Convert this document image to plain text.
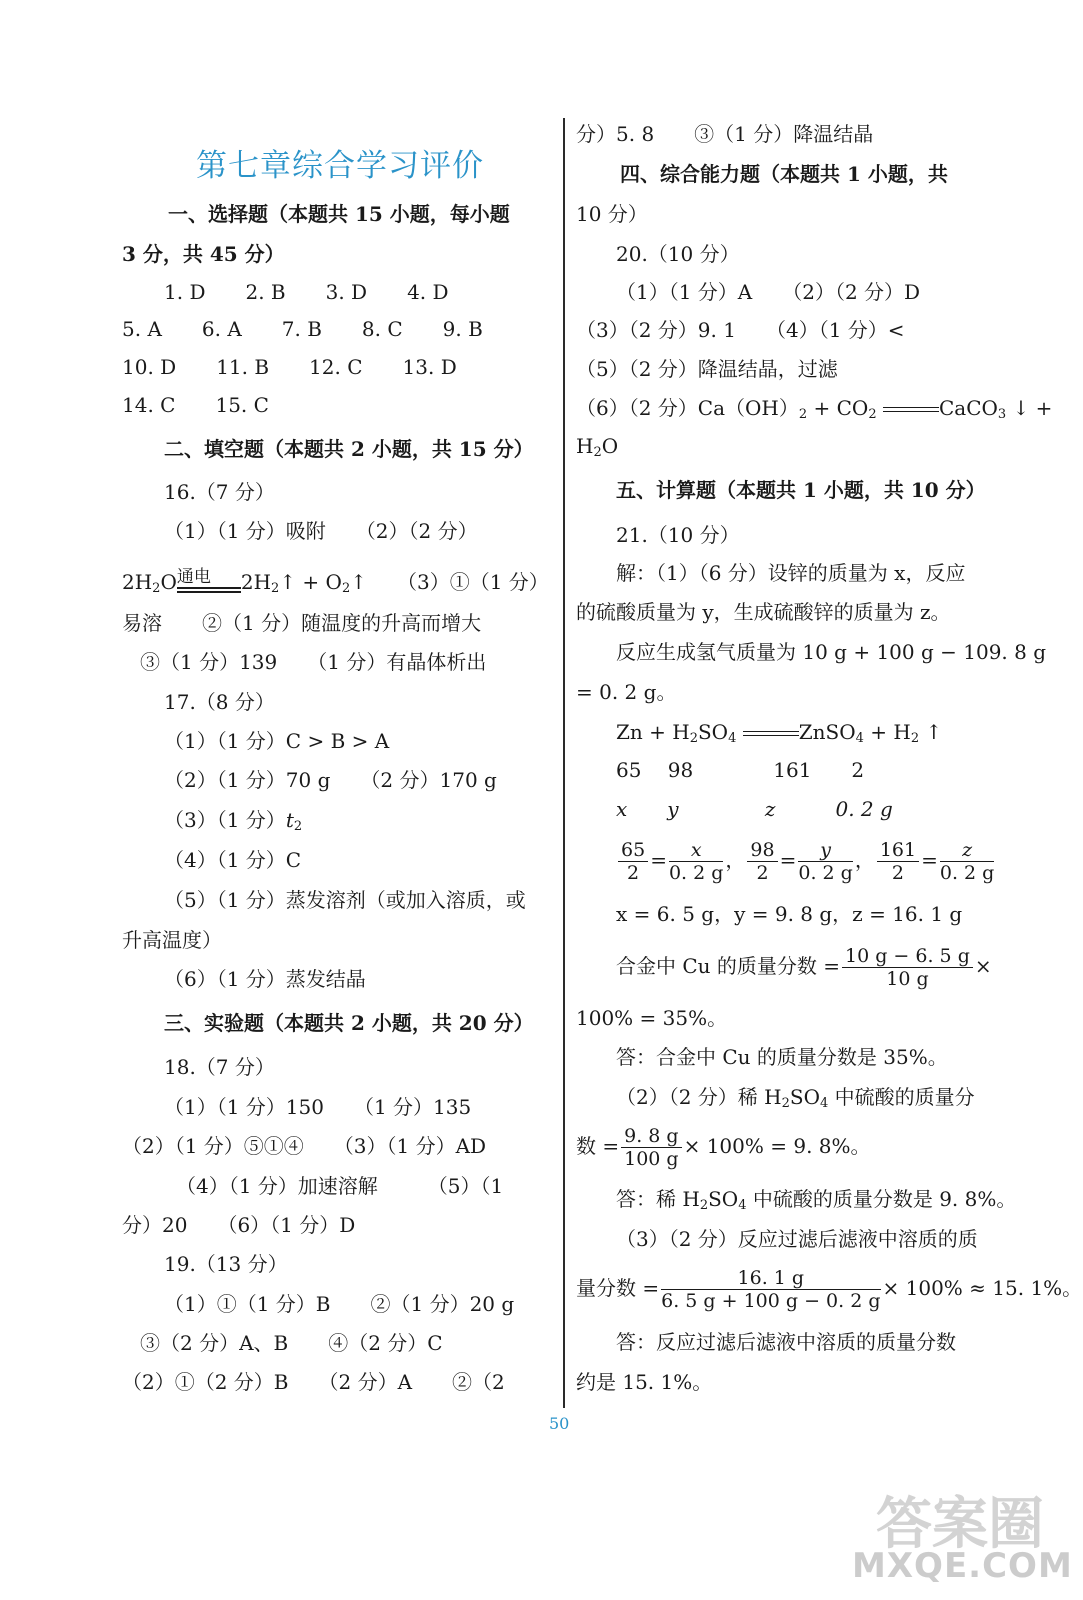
第七章综合学习评价
一、选择题（本题共 15 小题，每小题
3 分，共 45 分）
1. D　　2. B　　3. D　　4. D
5. A　　6. A　　7. B　　8. C　　9. B
10. D　　11. B　　12. C　　13. D
14. C　　15. C
二、填空题（本题共 2 小题，共 15 分）
16.（7 分）
（1）（1 分）吸附　　（2）（2 分）
$2H_2O$ 通电 $2H_2↑$ + $O_2↑$　　（3）①（1 分）
易溶　　②（1 分）随温度的升高而增大
③（1 分）139　　（1 分）有晶体析出
17.（8 分）
（1）（1 分）C > B > A
（2）（1 分）70 g　　（2 分）170 g
（3）（1 分）$t_2$
（4）（1 分）C
（5）（1 分）蒸发溶剂（或加入溶质，或
升高温度）
（6）（1 分）蒸发结晶
三、实验题（本题共 2 小题，共 20 分）
18.（7 分）
（1）（1 分）150　　（1 分）135
（2）（1 分）⑤①④　　（3）（1 分）AD
（4）（1 分）加速溶解　　　（5）（1
分）20　　（6）（1 分）D
19.（13 分）
（1）①（1 分）B　　②（1 分）20 g
③（2 分）A、B　　④（2 分）C
（2）①（2 分）B　　（2 分）A　　②（2
分）5. 8　　③（1 分）降温结晶
四、综合能力题（本题共 1 小题，共
10 分）
20.（10 分）
（1）（1 分）A　　（2）（2 分）D
（3）（2 分）9. 1　　（4）（1 分）<
（5）（2 分）降温结晶，过滤
（6）（2 分）$Ca(OH)_2 + CO_2$	CaCO$_3$ ↓ +
$H_2O$
五、计算题（本题共 1 小题，共 10 分）
21.（10 分）
解：（1）（6 分）设锌的质量为 x，反应
的硫酸质量为 y，生成硫酸锌的质量为 z。
反应生成氢气质量为 10 g + 100 g − 109. 8 g
= 0. 2 g。
$Zn + H_2SO_4$	ZnSO$_4$ + $H_2$ ↑
65　 98　　　　161　　2
x　　y　　　　 z　　　0. 2 g
$\frac{65}{2} = \frac{x}{0. 2 g}$ ， $\frac{98}{2} = \frac{y}{0. 2 g}$ ， $\frac{161}{2} = \frac{z}{0. 2 g}$
x = 6. 5 g，y = 9. 8 g，z = 16. 1 g
合金中 Cu 的质量分数 = $\frac{10 g - 6. 5 g}{10 g}$ ×
100% = 35%。
答：合金中 Cu 的质量分数是 35%。
（2）（2 分）稀 $H_2SO_4$ 中硫酸的质量分
数 = $\frac{9. 8 g}{100 g} \times 100\% = 9$. 8%。
答：稀 $H_2SO_4$ 中硫酸的质量分数是 9. 8%。
（3）（2 分）反应过滤后滤液中溶质的质
量分数 = $\frac{16. 1 g}{6. 5 g + 100 g - 0. 2 g} \times 100\% \approx 15$. 1%。
答：反应过滤后滤液中溶质的质量分数
约是 15. 1%。
50
答案圈
MXQE.COM
